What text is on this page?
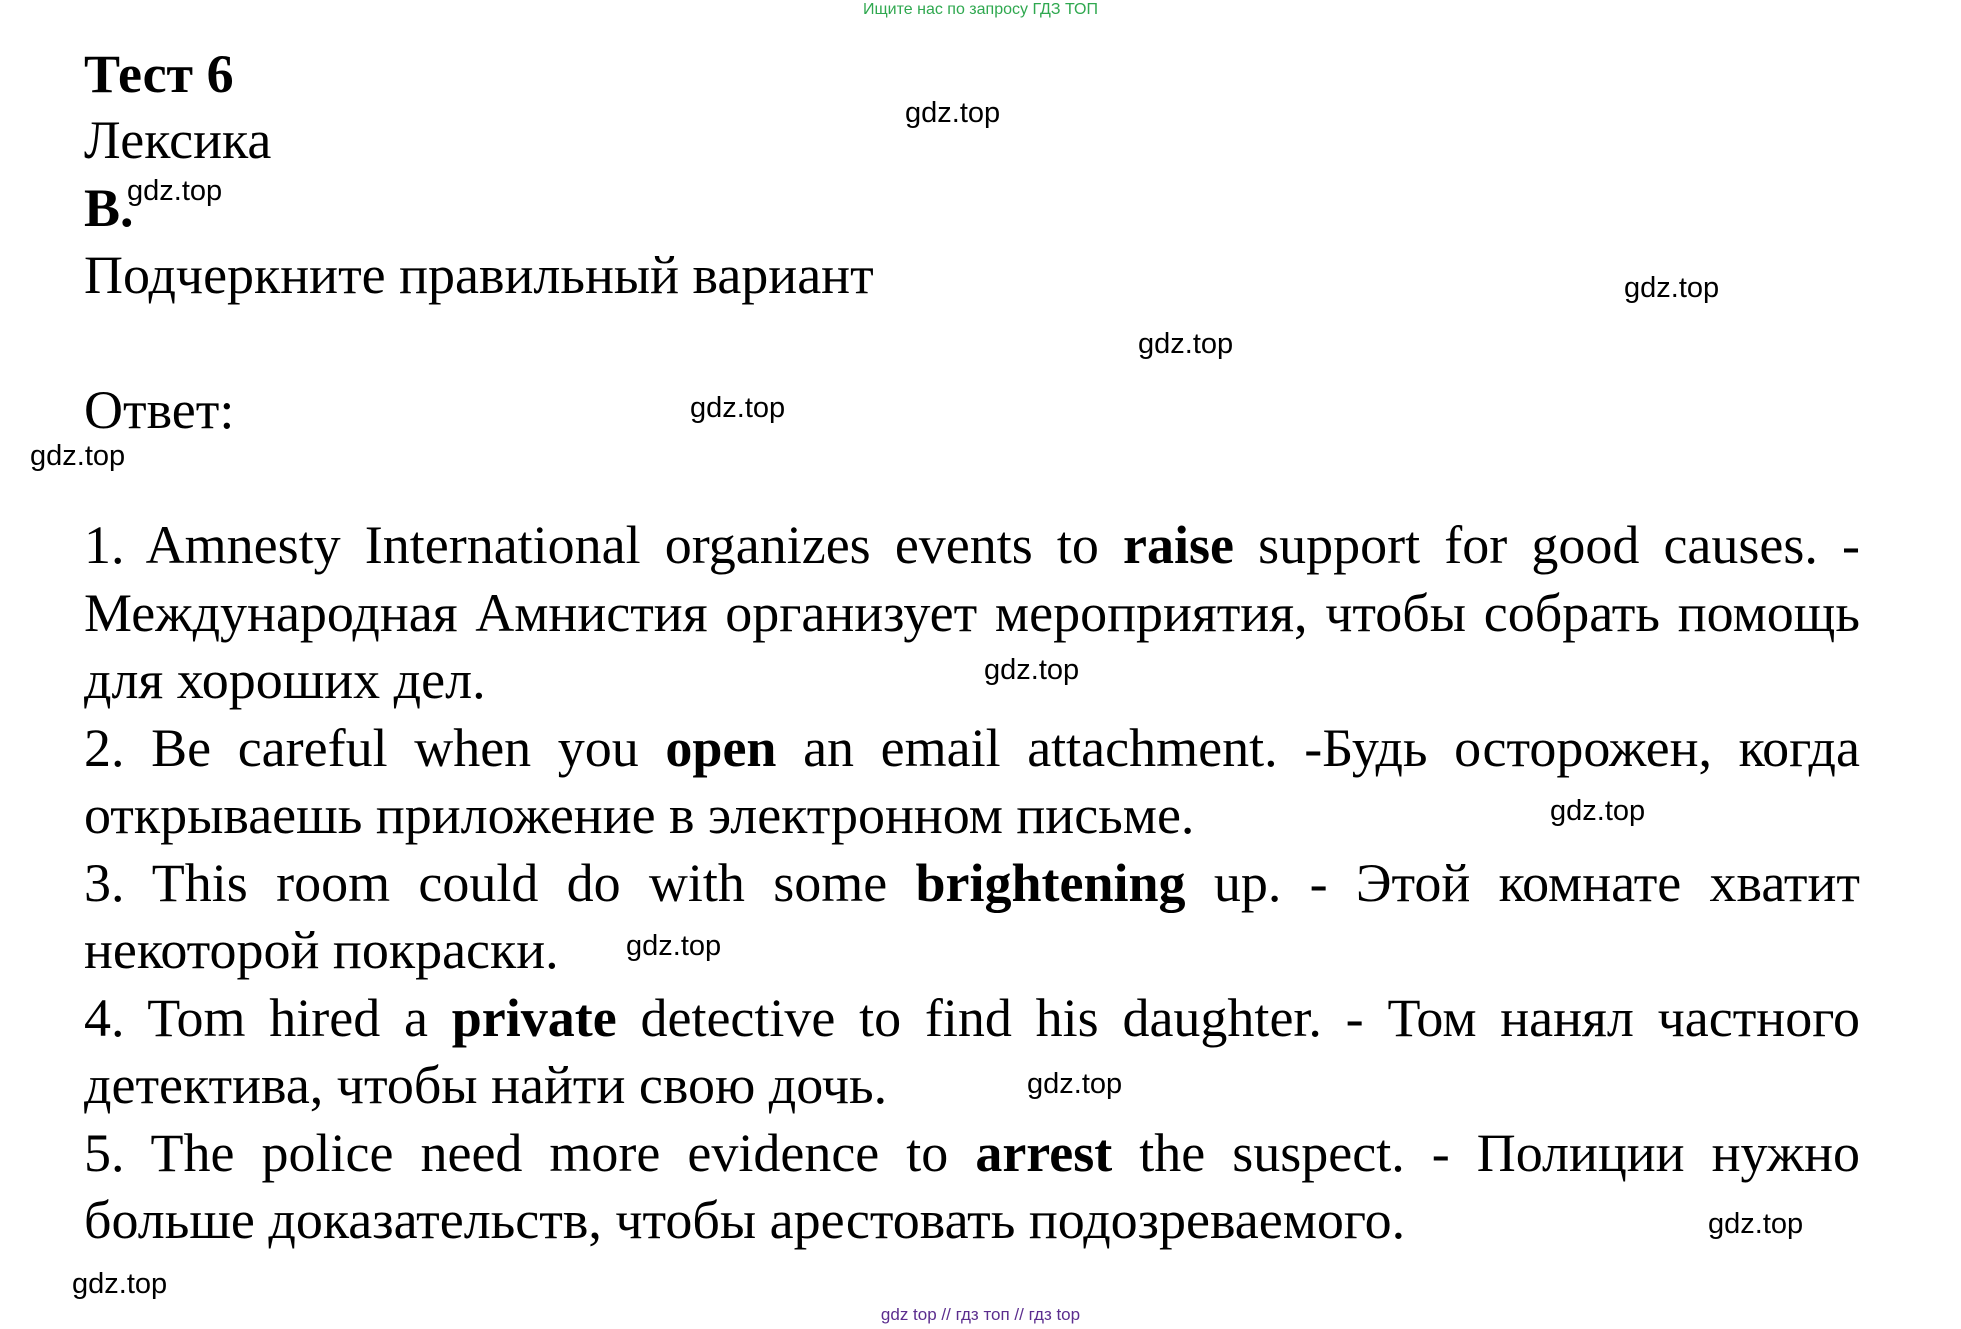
Ищите нас по запросу ГДЗ ТОП
Тест 6
Лексика
B.
Подчеркните правильный вариант
Ответ:

1. Amnesty International organizes events to raise support for good causes. - Международная Амнистия организует мероприятия, чтобы собрать помощь для хороших дел.

2. Be careful when you open an email attachment. -Будь осторожен, когда открываешь приложение в электронном письме.

3. This room could do with some brightening up. - Этой комнате хватит некоторой покраски.

4. Tom hired a private detective to find his daughter. - Том нанял частного детектива, чтобы найти свою дочь.

5. The police need more evidence to arrest the suspect. - Полиции нужно больше доказательств, чтобы арестовать подозреваемого.

gdz.top
gdz.top
gdz.top
gdz.top
gdz.top
gdz.top
gdz.top
gdz.top
gdz.top
gdz.top
gdz.top
gdz.top
gdz top // гдз топ // гдз top
